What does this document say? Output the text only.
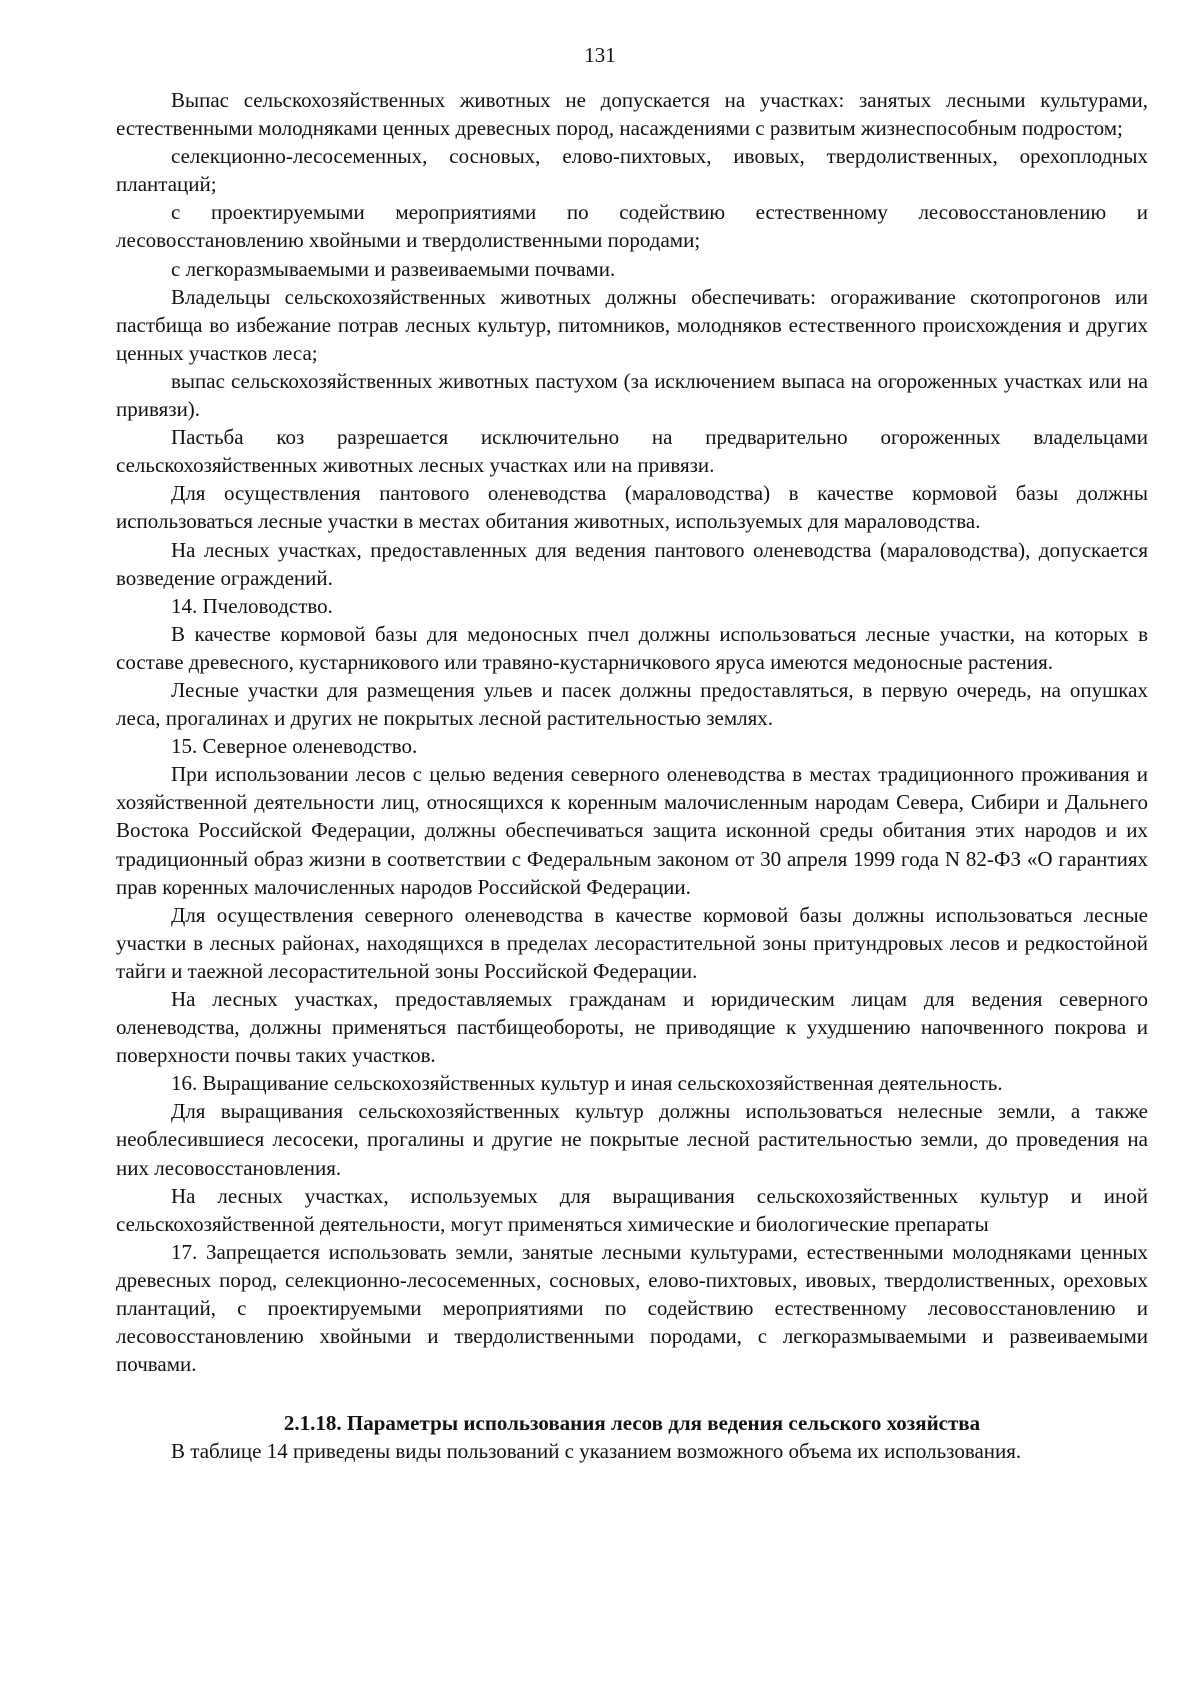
131

Выпас сельскохозяйственных животных не допускается на участках: занятых лесными культурами, естественными молодняками ценных древесных пород, насаждениями с развитым жизнеспособным подростом;

селекционно-лесосеменных, сосновых, елово-пихтовых, ивовых, твердолиственных, орехоплодных плантаций;

с проектируемыми мероприятиями по содействию естественному лесовосстановлению и лесовосстановлению хвойными и твердолиственными породами;

с легкоразмываемыми и развеиваемыми почвами.

Владельцы сельскохозяйственных животных должны обеспечивать: огораживание скотопрогонов или пастбища во избежание потрав лесных культур, питомников, молодняков естественного происхождения и других ценных участков леса;

выпас сельскохозяйственных животных пастухом (за исключением выпаса на огороженных участках или на привязи).

Пастьба коз разрешается исключительно на предварительно огороженных владельцами сельскохозяйственных животных лесных участках или на привязи.

Для осуществления пантового оленеводства (мараловодства) в качестве кормовой базы должны использоваться лесные участки в местах обитания животных, используемых для мараловодства.

На лесных участках, предоставленных для ведения пантового оленеводства (мараловодства), допускается возведение ограждений.

14. Пчеловодство.

В качестве кормовой базы для медоносных пчел должны использоваться лесные участки, на которых в составе древесного, кустарникового или травяно-кустарничкового яруса имеются медоносные растения.

Лесные участки для размещения ульев и пасек должны предоставляться, в первую очередь, на опушках леса, прогалинах и других не покрытых лесной растительностью землях.

15. Северное оленеводство.

При использовании лесов с целью ведения северного оленеводства в местах традиционного проживания и хозяйственной деятельности лиц, относящихся к коренным малочисленным народам Севера, Сибири и Дальнего Востока Российской Федерации, должны обеспечиваться защита исконной среды обитания этих народов и их традиционный образ жизни в соответствии с Федеральным законом от 30 апреля 1999 года N 82-ФЗ «О гарантиях прав коренных малочисленных народов Российской Федерации.

Для осуществления северного оленеводства в качестве кормовой базы должны использоваться лесные участки в лесных районах, находящихся в пределах лесорастительной зоны притундровых лесов и редкостойной тайги и таежной лесорастительной зоны Российской Федерации.

На лесных участках, предоставляемых гражданам и юридическим лицам для ведения северного оленеводства, должны применяться пастбищеобороты, не приводящие к ухудшению напочвенного покрова и поверхности почвы таких участков.

16. Выращивание сельскохозяйственных культур и иная сельскохозяйственная деятельность.

Для выращивания сельскохозяйственных культур должны использоваться нелесные земли, а также необлесившиеся лесосеки, прогалины и другие не покрытые лесной растительностью земли, до проведения на них лесовосстановления.

На лесных участках, используемых для выращивания сельскохозяйственных культур и иной сельскохозяйственной деятельности, могут применяться химические и биологические препараты

17. Запрещается использовать земли, занятые лесными культурами, естественными молодняками ценных древесных пород, селекционно-лесосеменных, сосновых, елово-пихтовых, ивовых, твердолиственных, ореховых плантаций, с проектируемыми мероприятиями по содействию естественному лесовосстановлению и лесовосстановлению хвойными и твердолиственными породами, с легкоразмываемыми и развеиваемыми почвами.

2.1.18. Параметры использования лесов для ведения сельского хозяйства

В таблице 14 приведены виды пользований с указанием возможного объема их использования.
